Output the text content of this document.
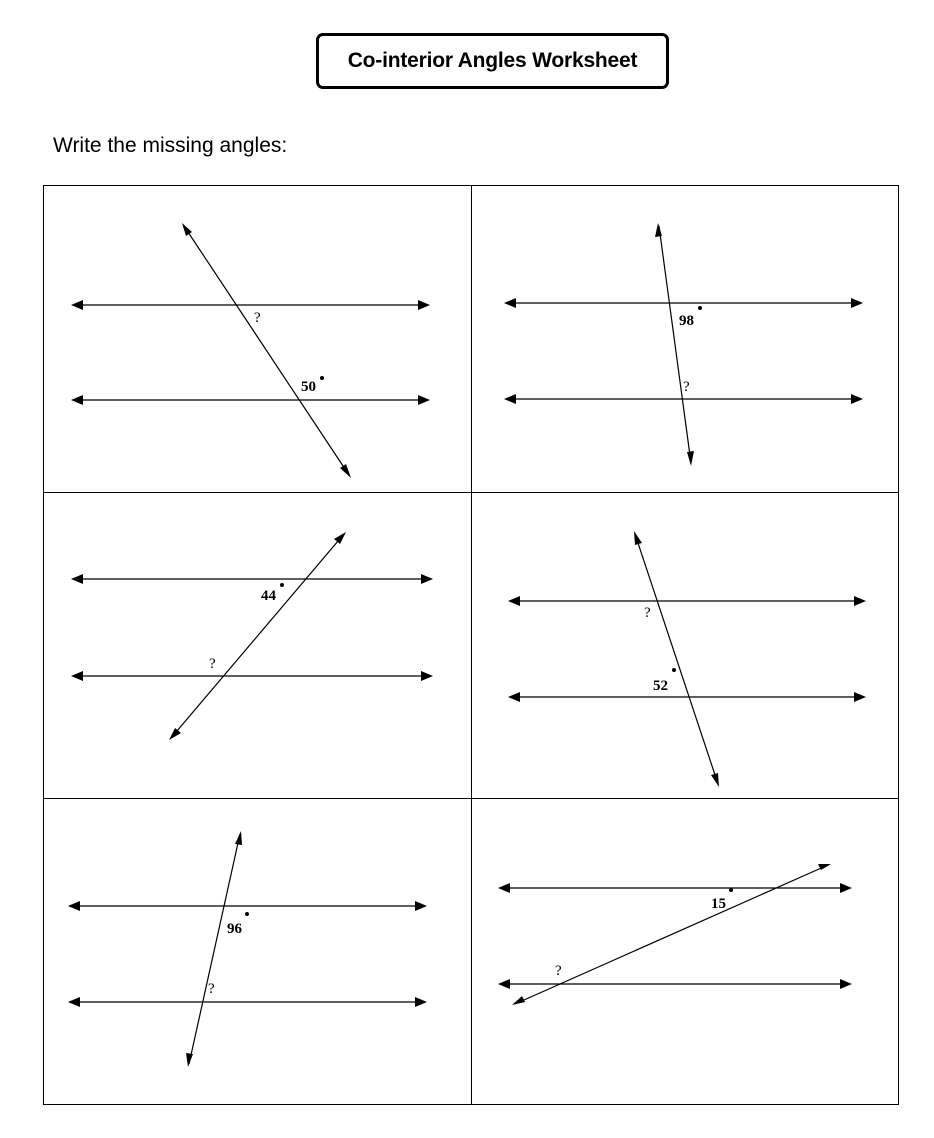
Co-interior Angles Worksheet
Write the missing angles:
50
?	98
?
44
?
52
?
96
?
15
?
